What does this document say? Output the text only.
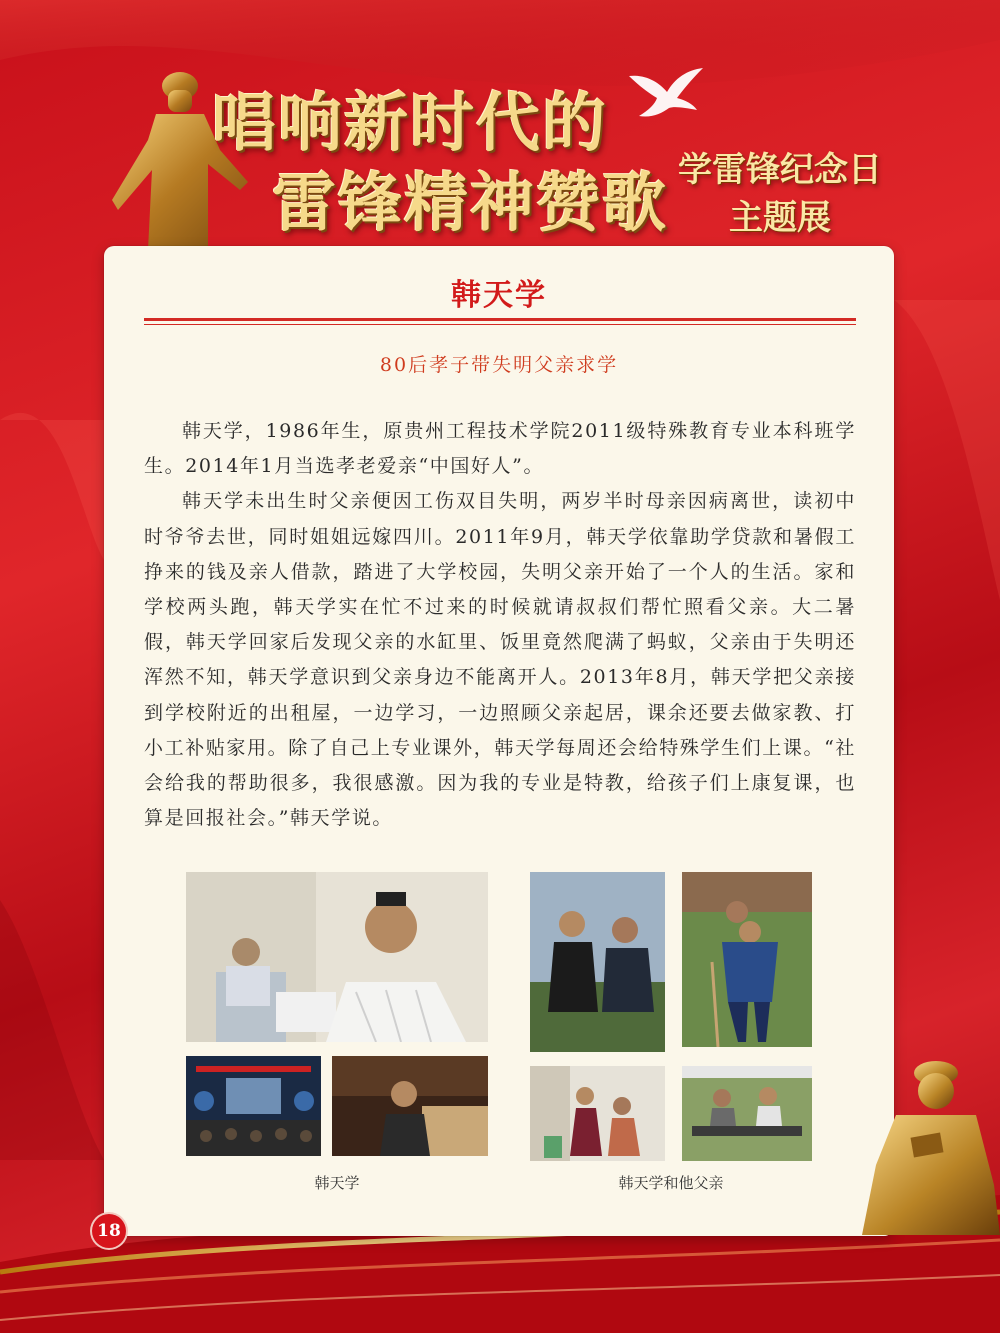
唱响新时代的
雷锋精神赞歌 学雷锋纪念日
主题展
韩天学
80后孝子带失明父亲求学

韩天学，1986年生，原贵州工程技术学院2011级特殊教育专业本科班学生。2014年1月当选孝老爱亲“中国好人”。

韩天学未出生时父亲便因工伤双目失明，两岁半时母亲因病离世，读初中时爷爷去世，同时姐姐远嫁四川。2011年9月，韩天学依靠助学贷款和暑假工挣来的钱及亲人借款，踏进了大学校园，失明父亲开始了一个人的生活。家和学校两头跑，韩天学实在忙不过来的时候就请叔叔们帮忙照看父亲。大二暑假，韩天学回家后发现父亲的水缸里、饭里竟然爬满了蚂蚁，父亲由于失明还浑然不知，韩天学意识到父亲身边不能离开人。2013年8月，韩天学把父亲接到学校附近的出租屋，一边学习，一边照顾父亲起居，课余还要去做家教、打小工补贴家用。除了自己上专业课外，韩天学每周还会给特殊学生们上课。“社会给我的帮助很多，我很感激。因为我的专业是特教，给孩子们上康复课，也算是回报社会。”韩天学说。

韩天学	韩天学和他父亲
18
